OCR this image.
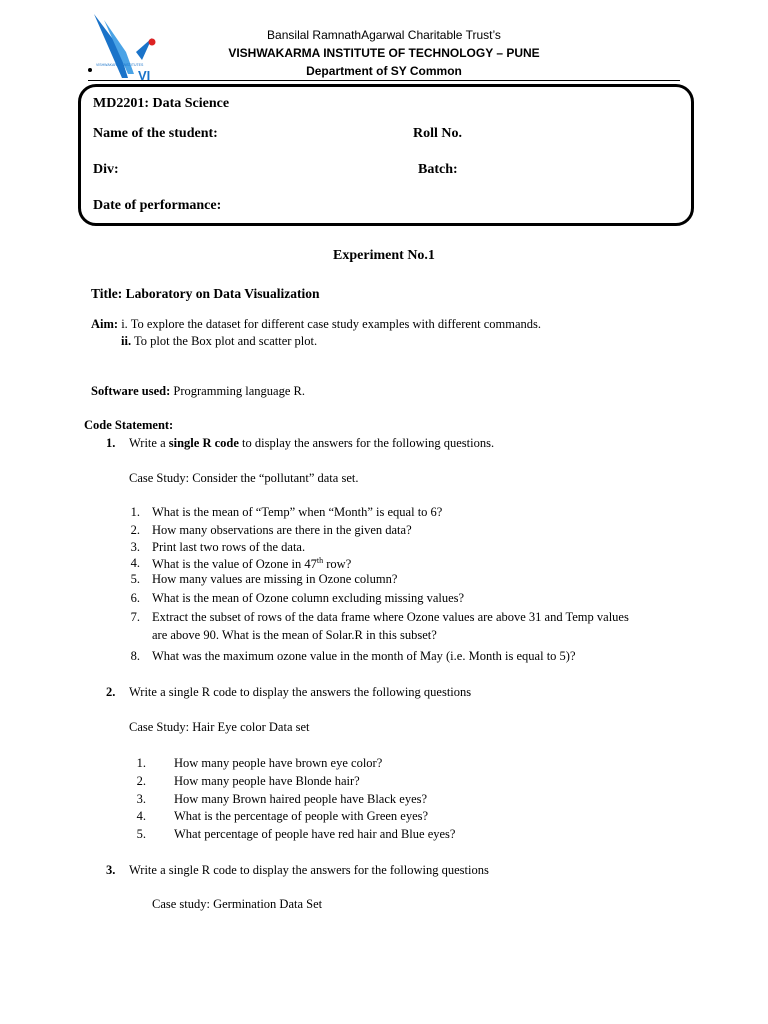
VISHWAKARMA INSTITUTES
VI
Bansilal RamnathAgarwal Charitable Trust’s
VISHWAKARMA INSTITUTE OF TECHNOLOGY – PUNE
Department of SY Common
MD2201: Data Science
Name of the student:	Roll No.
Div:	Batch:
Date of performance:
Experiment No.1
Title: Laboratory on Data Visualization
Aim: i. To explore the dataset for different case study examples with different commands.
ii. To plot the Box plot and scatter plot.
Software used: Programming language R.
Code Statement:
1. Write a single R code to display the answers for the following questions.
Case Study: Consider the “pollutant” data set.
1. What is the mean of “Temp” when “Month” is equal to 6?
2. How many observations are there in the given data?
3. Print last two rows of the data.
4. What is the value of Ozone in 47th row?
5. How many values are missing in Ozone column?
6. What is the mean of Ozone column excluding missing values?
7. Extract the subset of rows of the data frame where Ozone values are above 31 and Temp values
are above 90. What is the mean of Solar.R in this subset?
8. What was the maximum ozone value in the month of May (i.e. Month is equal to 5)?
2. Write a single R code to display the answers the following questions
Case Study: Hair Eye color Data set
1. How many people have brown eye color?
2. How many people have Blonde hair?
3. How many Brown haired people have Black eyes?
4. What is the percentage of people with Green eyes?
5. What percentage of people have red hair and Blue eyes?
3. Write a single R code to display the answers for the following questions
Case study: Germination Data Set
